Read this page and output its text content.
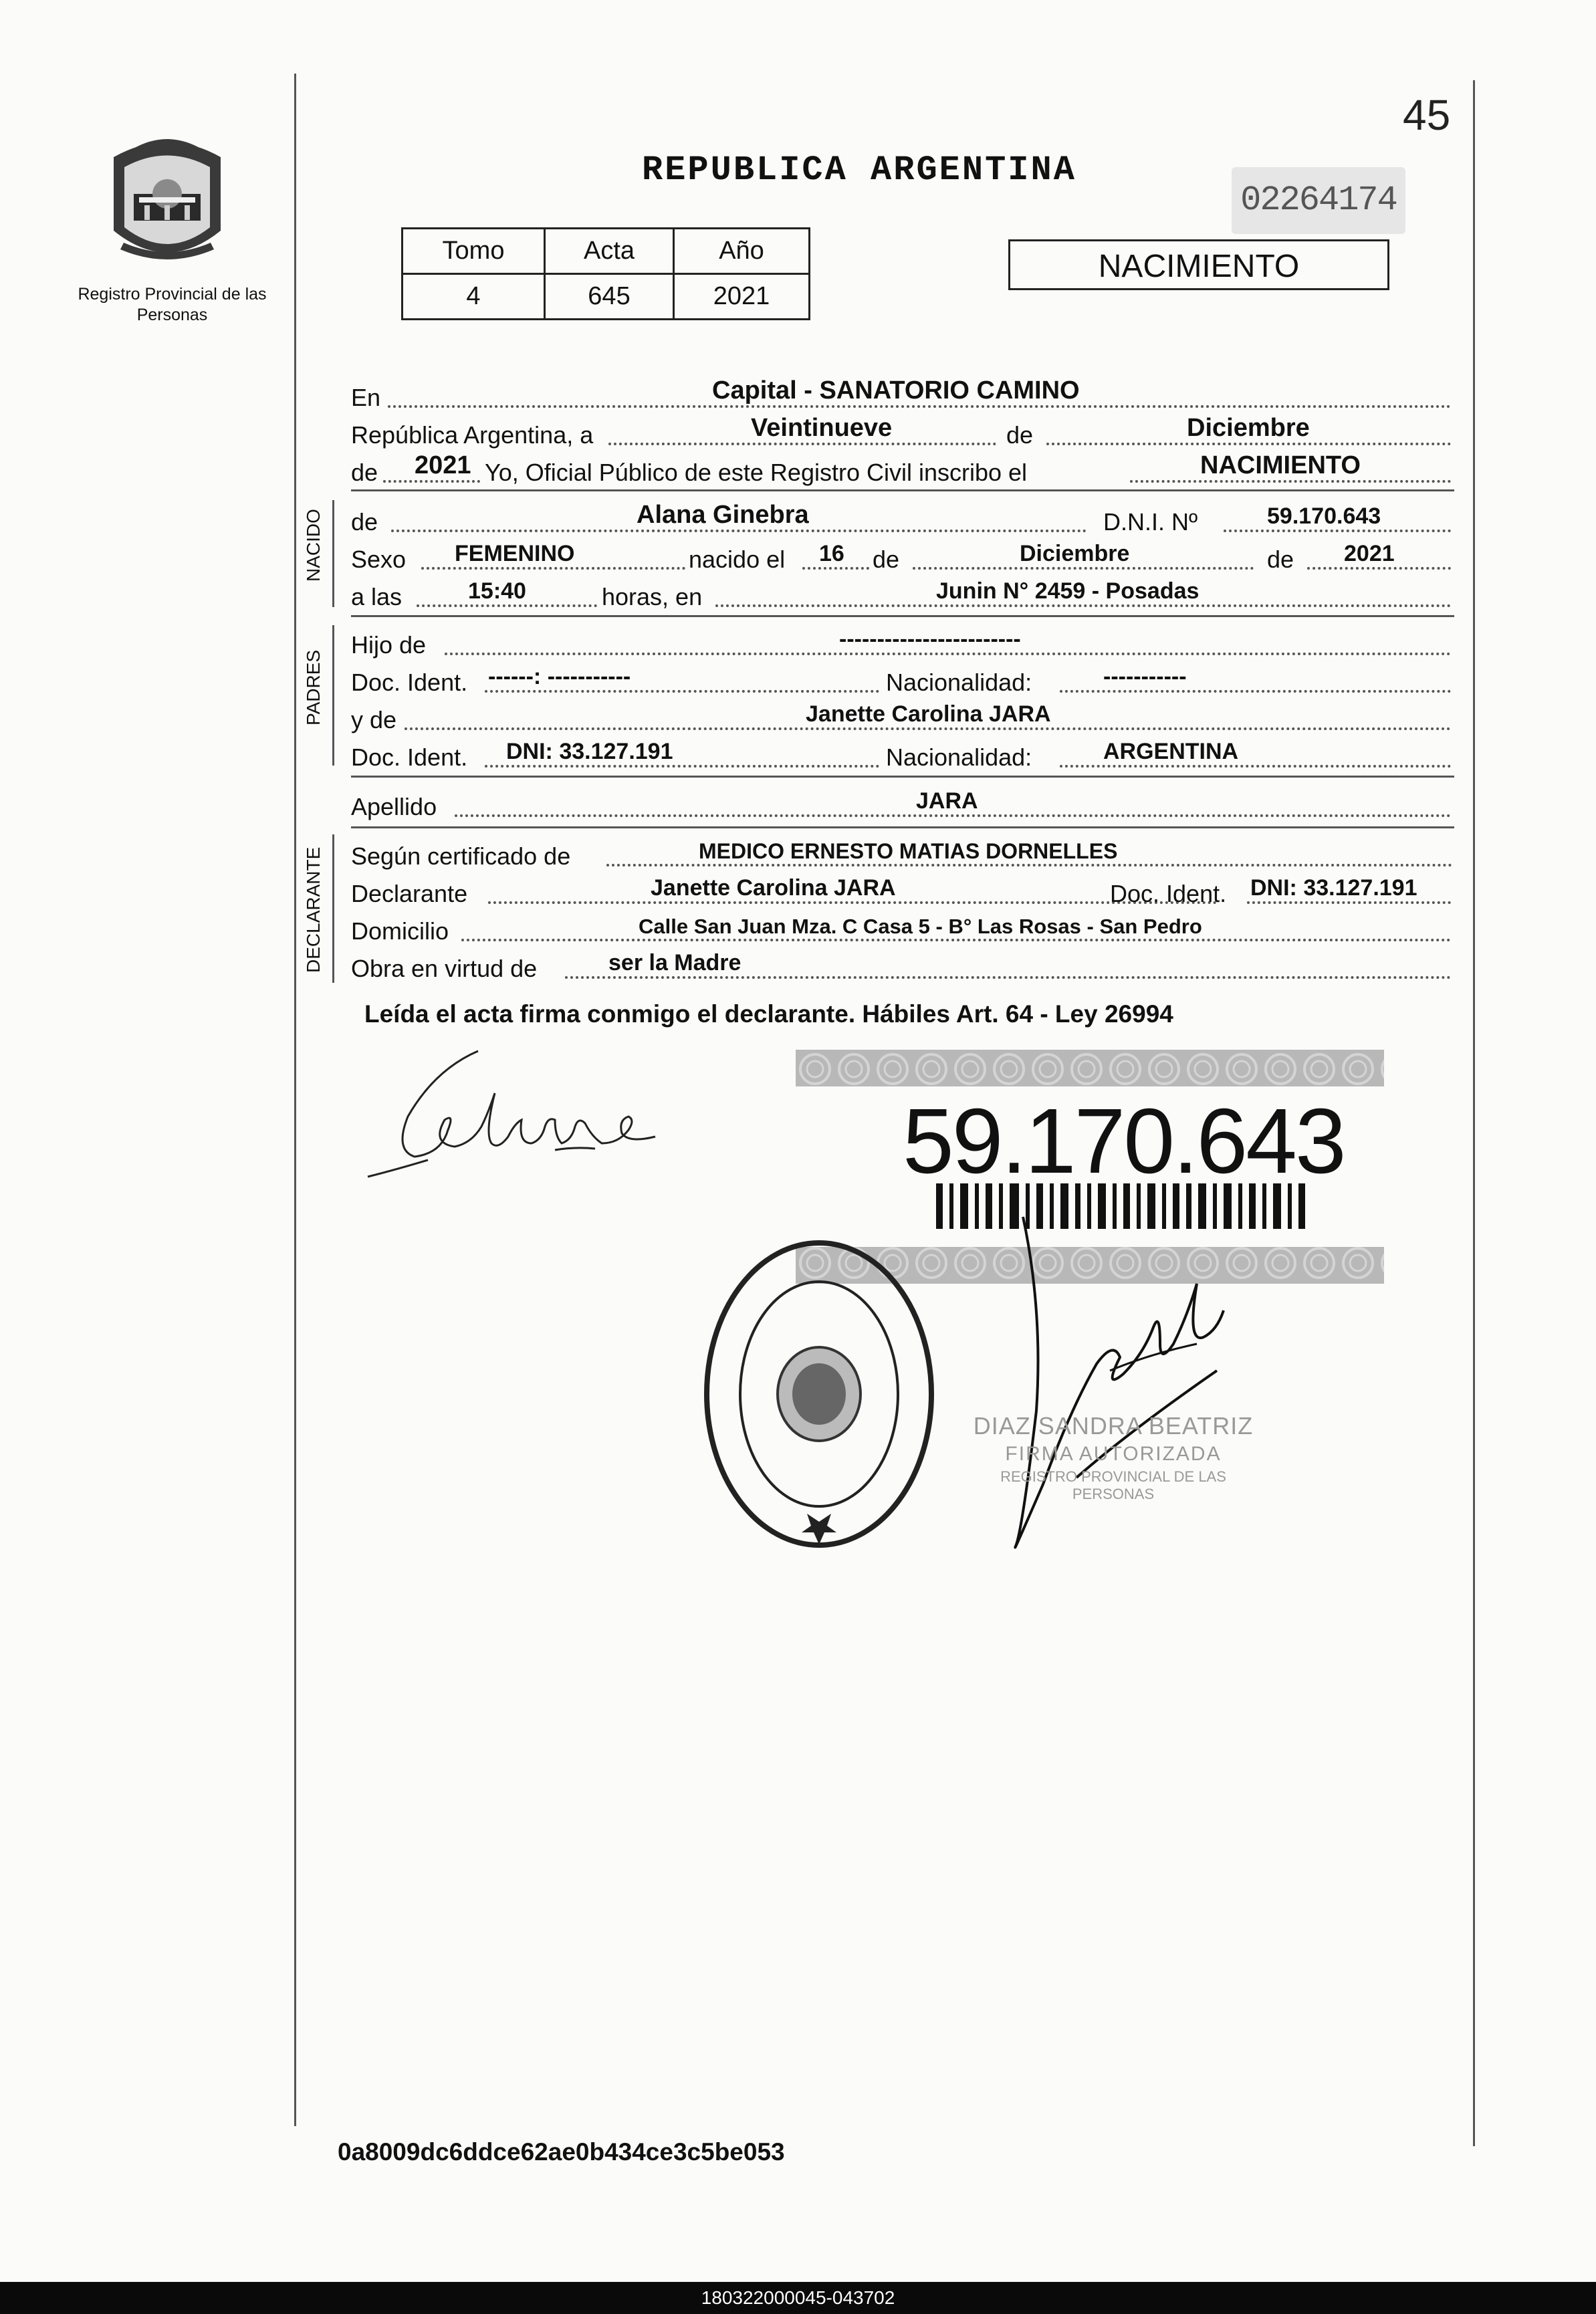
45
REPUBLICA ARGENTINA
02264174
Registro Provincial de las Personas
Tomo	Acta	Año
4	645	2021
NACIMIENTO
En	Capital - SANATORIO CAMINO
República Argentina, a	Veintinueve	de	Diciembre
de 2021 Yo, Oficial Público de este Registro Civil inscribo el	NACIMIENTO
NACIDO de	Alana Ginebra	D.N.I. Nº	59.170.643
Sexo FEMENINO	nacido el 16 de	Diciembre	de 2021
a las	15:40	horas, en	Junin N° 2459 - Posadas
PADRES
Hijo de	------------------------
Doc. Ident. ------: -----------	Nacionalidad:	-----------
y de	Janette Carolina JARA
Doc. Ident. DNI: 33.127.191	Nacionalidad:	ARGENTINA
Apellido	JARA
DECLARANTE Según certificado de	MEDICO ERNESTO MATIAS DORNELLES
Declarante	Janette Carolina JARA	Doc. Ident. DNI: 33.127.191
Domicilio	Calle San Juan Mza. C Casa 5 - B° Las Rosas - San Pedro
Obra en virtud de	ser la Madre
Leída el acta firma conmigo el declarante. Hábiles Art. 64 - Ley 26994
59.170.643
DIAZ SANDRA BEATRIZ
FIRMA AUTORIZADA
REGISTRO PROVINCIAL DE LAS PERSONAS
0a8009dc6ddce62ae0b434ce3c5be053
180322000045-043702
